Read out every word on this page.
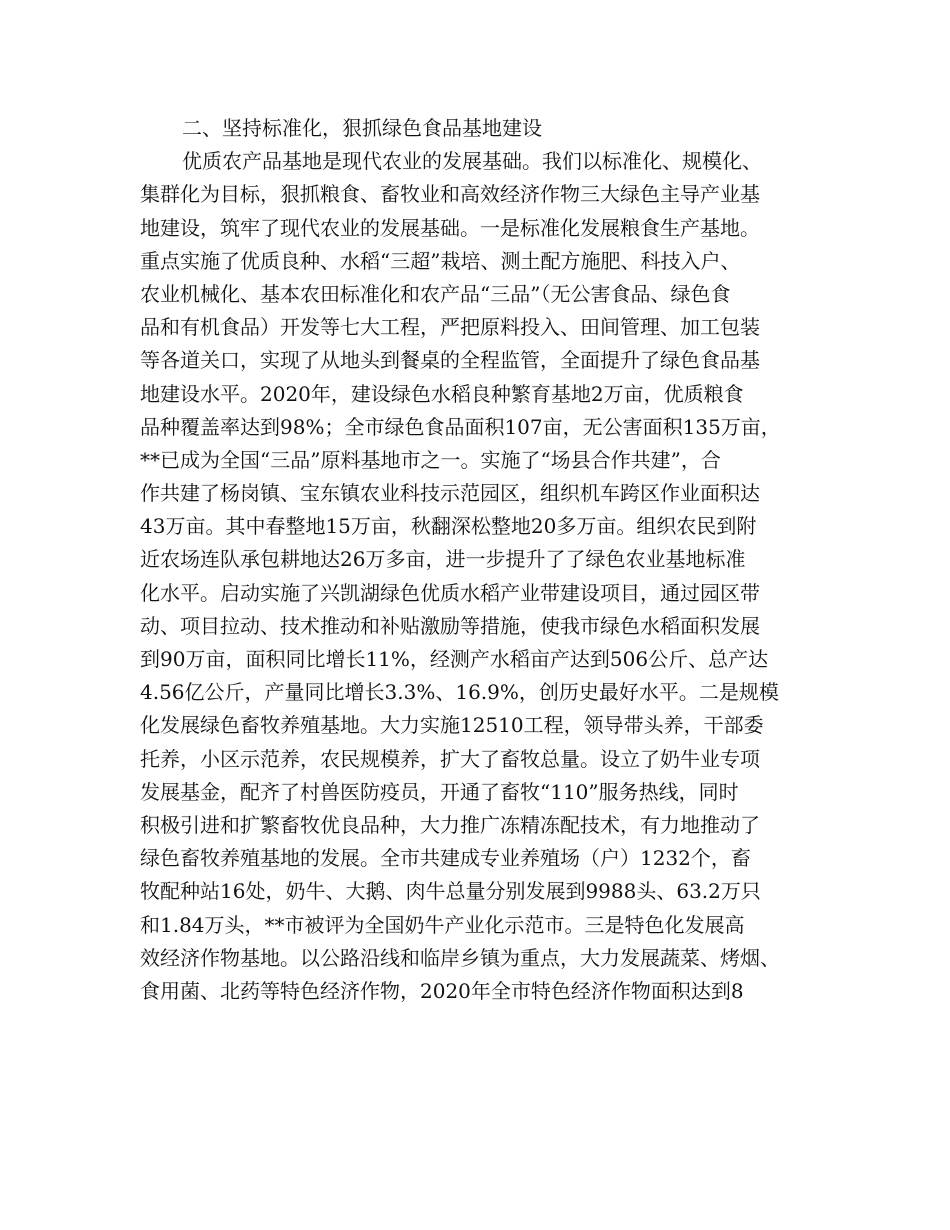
二、坚持标准化，狠抓绿色食品基地建设
优质农产品基地是现代农业的发展基础。我们以标准化、规模化、
集群化为目标，狠抓粮食、畜牧业和高效经济作物三大绿色主导产业基
地建设，筑牢了现代农业的发展基础。一是标准化发展粮食生产基地。
重点实施了优质良种、水稻“三超”栽培、测土配方施肥、科技入户、
农业机械化、基本农田标准化和农产品“三品”（无公害食品、绿色食
品和有机食品）开发等七大工程，严把原料投入、田间管理、加工包装
等各道关口，实现了从地头到餐桌的全程监管，全面提升了绿色食品基
地建设水平。2020年，建设绿色水稻良种繁育基地2万亩，优质粮食
品种覆盖率达到98%；全市绿色食品面积107亩，无公害面积135万亩，
**已成为全国“三品”原料基地市之一。实施了“场县合作共建”，合
作共建了杨岗镇、宝东镇农业科技示范园区，组织机车跨区作业面积达
43万亩。其中春整地15万亩，秋翻深松整地20多万亩。组织农民到附
近农场连队承包耕地达26万多亩，进一步提升了了绿色农业基地标准
化水平。启动实施了兴凯湖绿色优质水稻产业带建设项目，通过园区带
动、项目拉动、技术推动和补贴激励等措施，使我市绿色水稻面积发展
到90万亩，面积同比增长11%，经测产水稻亩产达到506公斤、总产达
4.56亿公斤，产量同比增长3.3%、16.9%，创历史最好水平。二是规模
化发展绿色畜牧养殖基地。大力实施12510工程，领导带头养，干部委
托养，小区示范养，农民规模养，扩大了畜牧总量。设立了奶牛业专项
发展基金，配齐了村兽医防疫员，开通了畜牧“110”服务热线，同时
积极引进和扩繁畜牧优良品种，大力推广冻精冻配技术，有力地推动了
绿色畜牧养殖基地的发展。全市共建成专业养殖场（户）1232个，畜
牧配种站16处，奶牛、大鹅、肉牛总量分别发展到9988头、63.2万只
和1.84万头，**市被评为全国奶牛产业化示范市。三是特色化发展高
效经济作物基地。以公路沿线和临岸乡镇为重点，大力发展蔬菜、烤烟、
食用菌、北药等特色经济作物，2020年全市特色经济作物面积达到8
